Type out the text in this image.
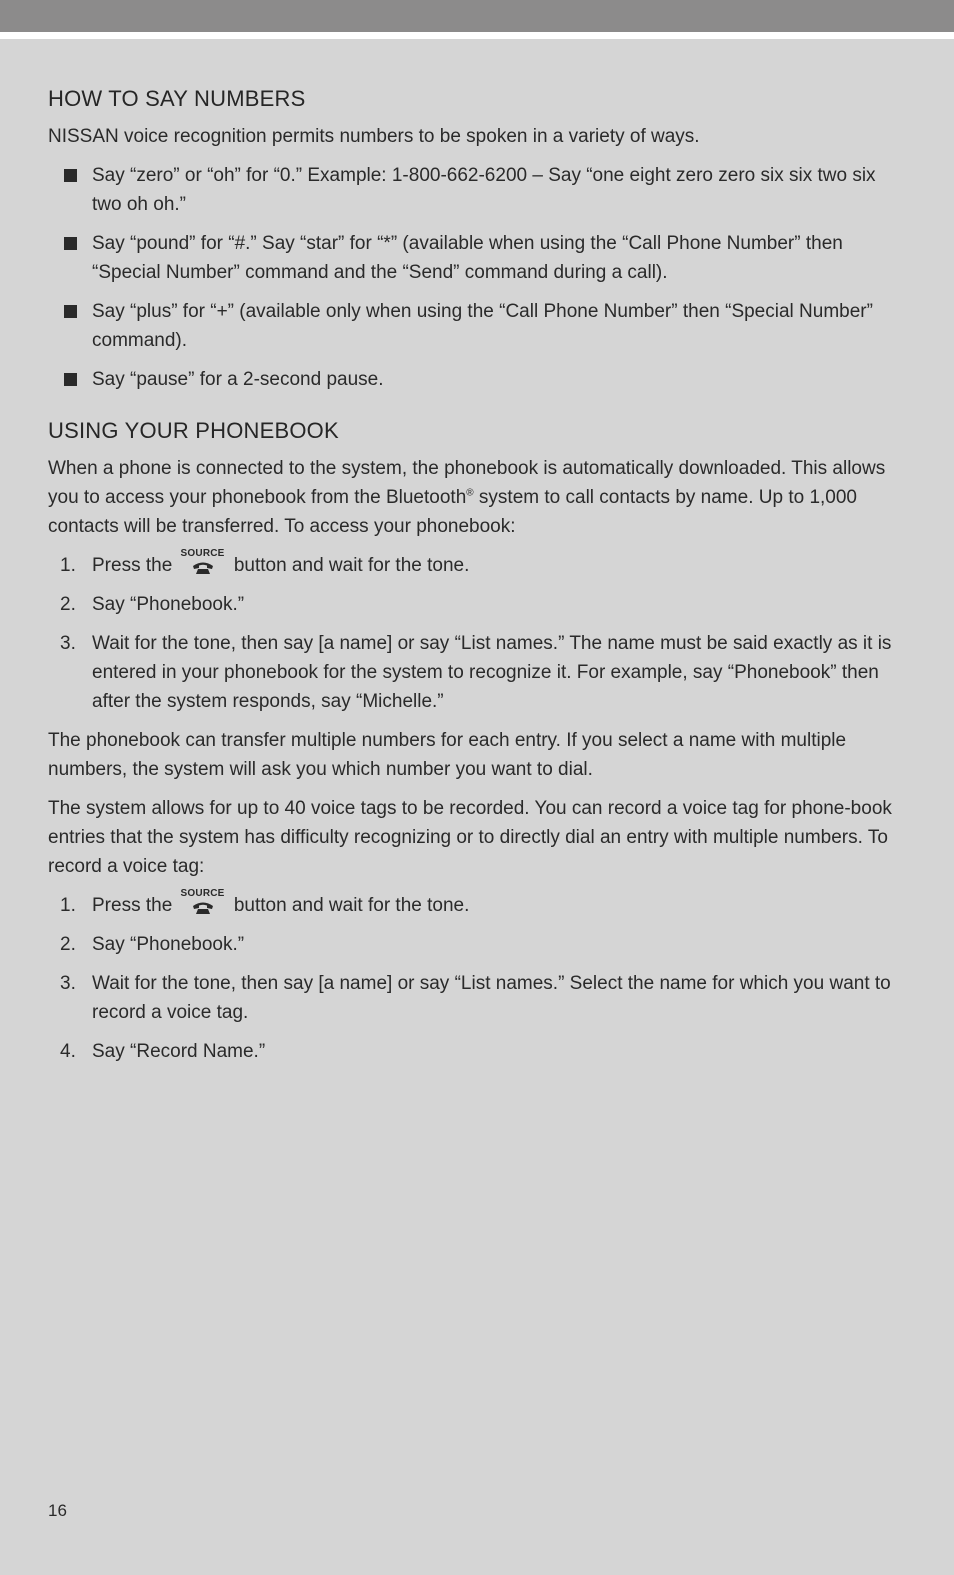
HOW TO SAY NUMBERS

NISSAN voice recognition permits numbers to be spoken in a variety of ways.

Say “zero” or “oh” for “0.” Example: 1-800-662-6200 – Say “one eight zero zero six six two six two oh oh.”
Say “pound” for “#.” Say “star” for “*” (available when using the “Call Phone Number” then “Special Number” command and the “Send” command during a call).
Say “plus” for “+” (available only when using the “Call Phone Number” then “Special Number” command).
Say “pause” for a 2-second pause.
USING YOUR PHONEBOOK

When a phone is connected to the system, the phonebook is automatically downloaded. This allows you to access your phonebook from the Bluetooth® system to call contacts by name. Up to 1,000 contacts will be transferred. To access your phonebook:

1. Press the
SOURCE
button and wait for the tone.
2. Say “Phonebook.”
3. Wait for the tone, then say [a name] or say “List names.” The name must be said exactly as it is entered in your phonebook for the system to recognize it. For example, say “Phonebook” then after the system responds, say “Michelle.”

The phonebook can transfer multiple numbers for each entry. If you select a name with multiple numbers, the system will ask you which number you want to dial.

The system allows for up to 40 voice tags to be recorded. You can record a voice tag for phone-book entries that the system has difficulty recognizing or to directly dial an entry with multiple numbers. To record a voice tag:

1. Press the
SOURCE
button and wait for the tone.
2. Say “Phonebook.”
3. Wait for the tone, then say [a name] or say “List names.” Select the name for which you want to record a voice tag.
4. Say “Record Name.”
16
